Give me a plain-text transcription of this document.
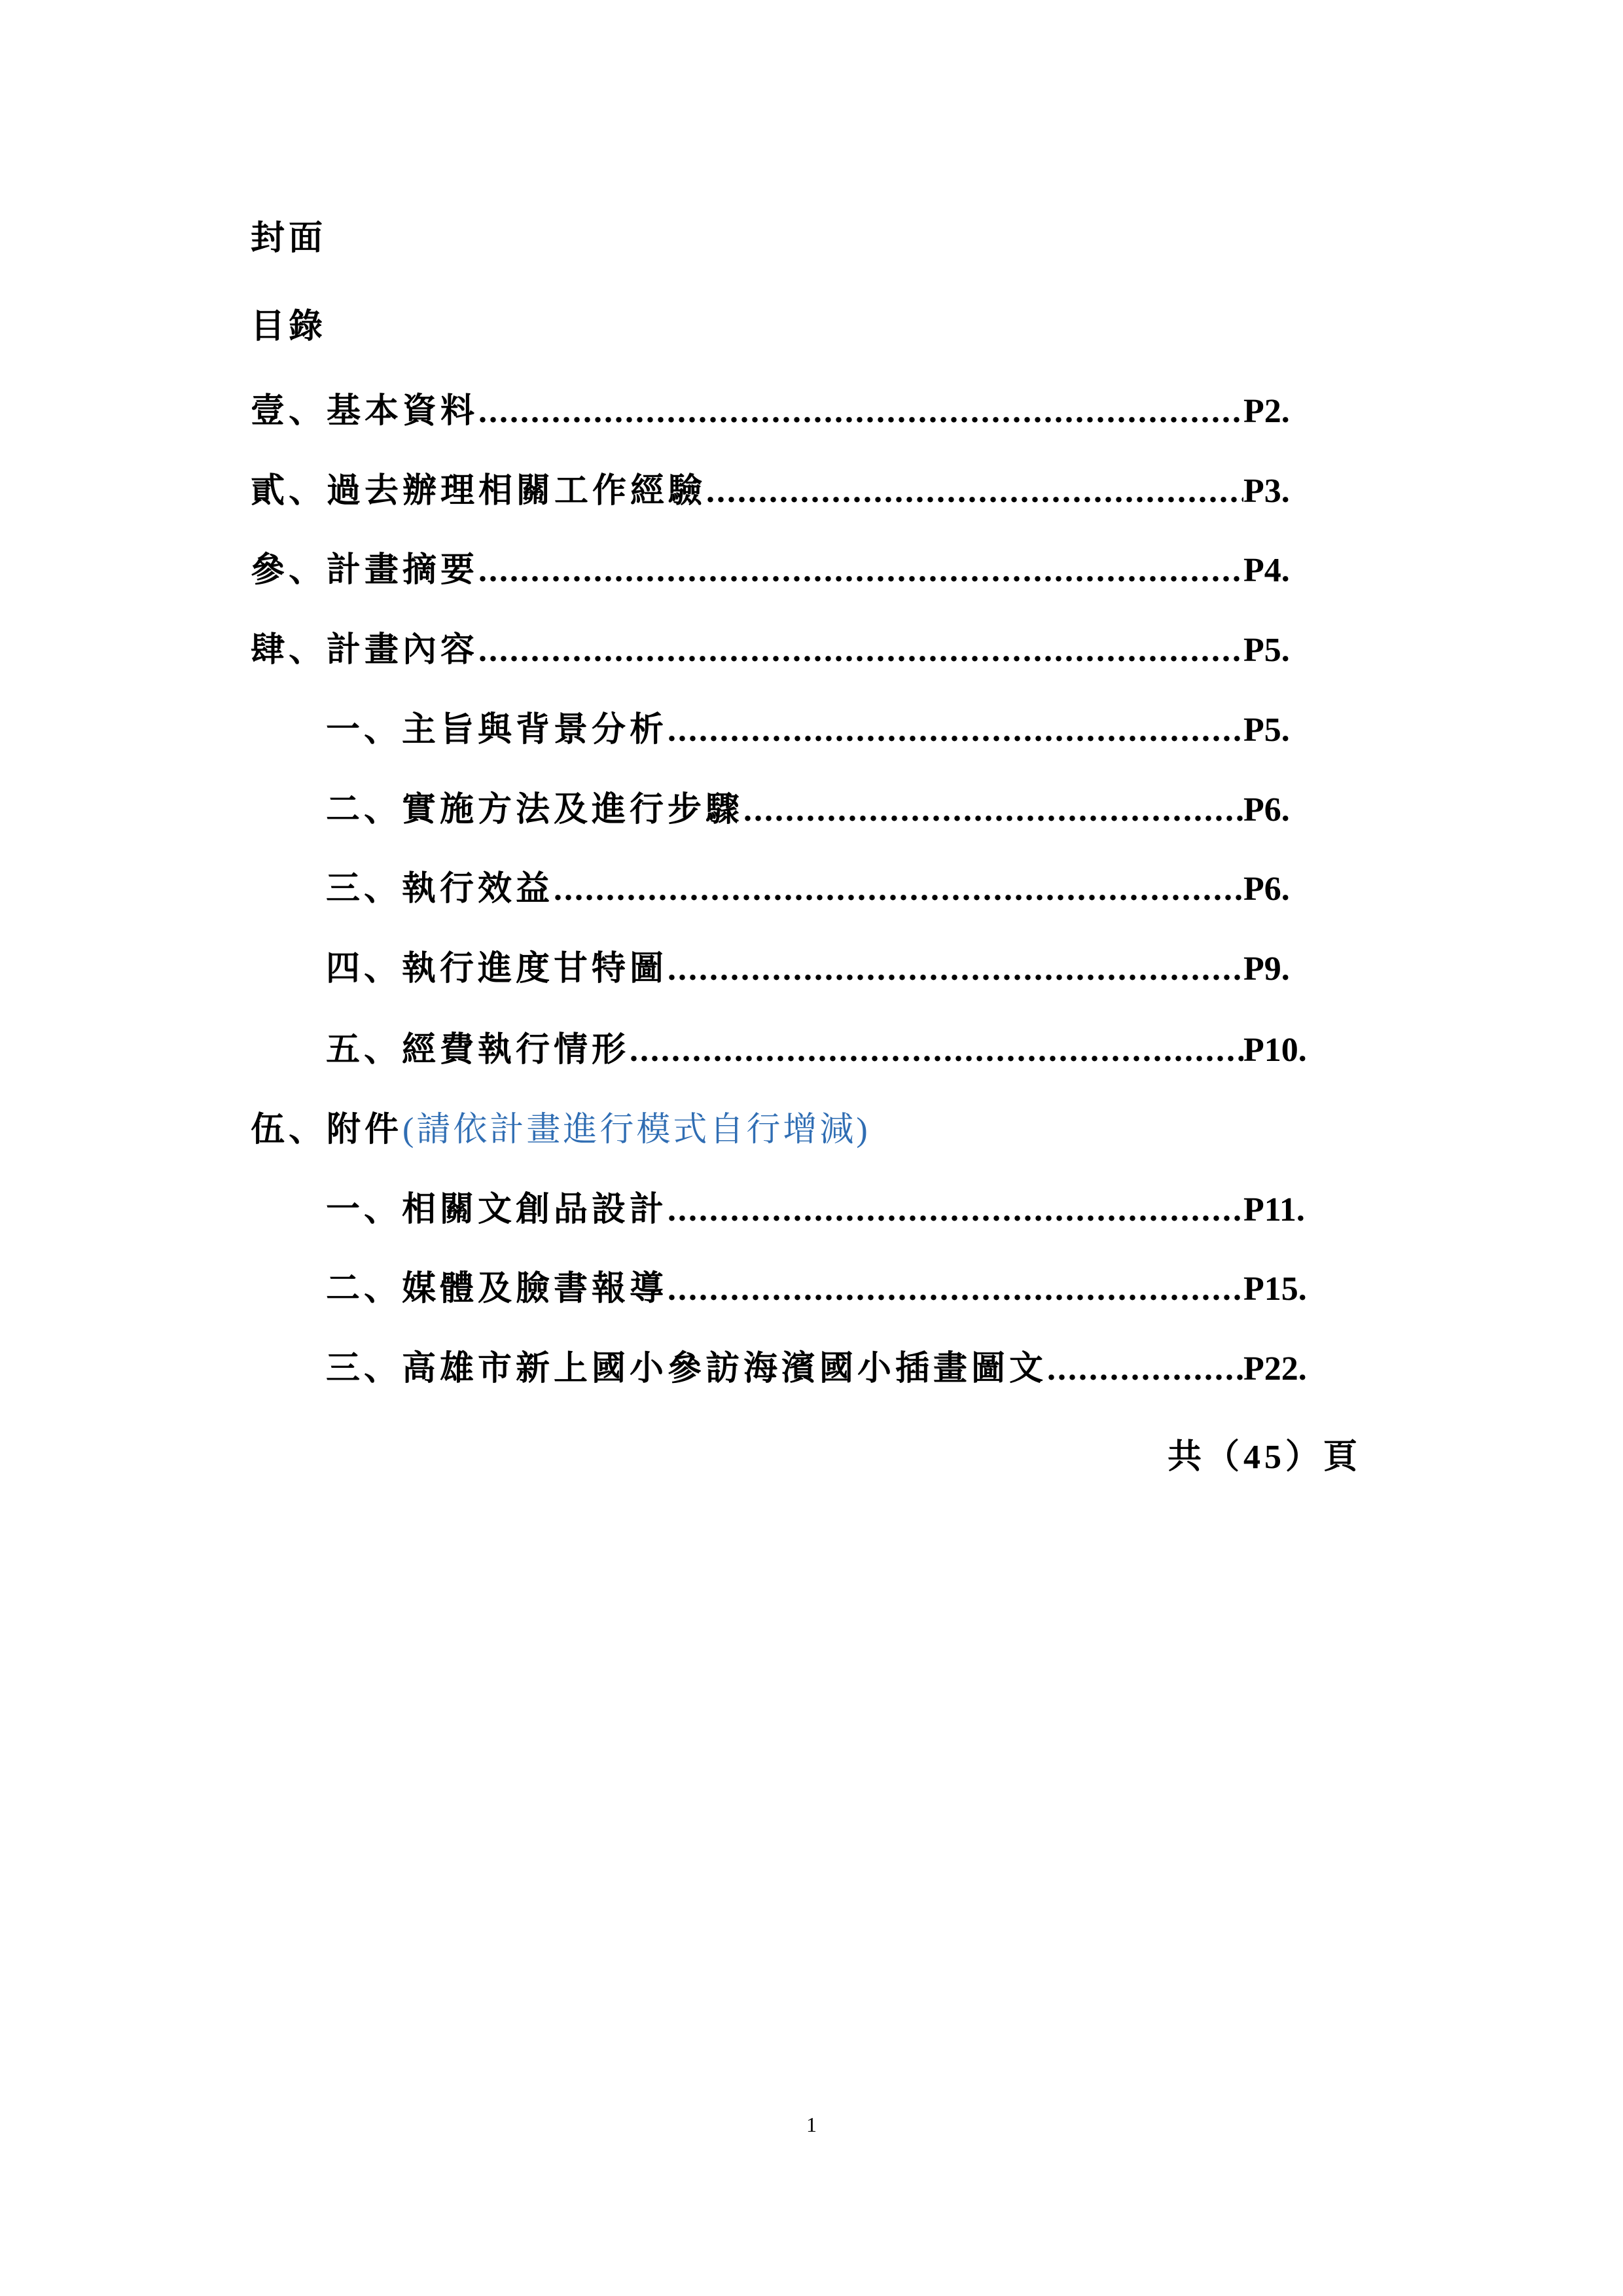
封面
目錄
壹、基本資料 .....	P2.
貳、過去辦理相關工作經驗 .....	P3.
參、計畫摘要 .....	P4.
肆、計畫內容 .....	P5.
一、主旨與背景分析 .....	P5.
二、實施方法及進行步驟 .....	P6.
三、執行效益 .....	P6.
四、執行進度甘特圖 .....	P9.
五、經費執行情形 .....	P10.
伍、附件(請依計畫進行模式自行增減)
一、相關文創品設計 .....	P11.
二、媒體及臉書報導 .....	P15.
三、高雄市新上國小參訪海濱國小插畫圖文 .....	P22.
共（45）頁
1
